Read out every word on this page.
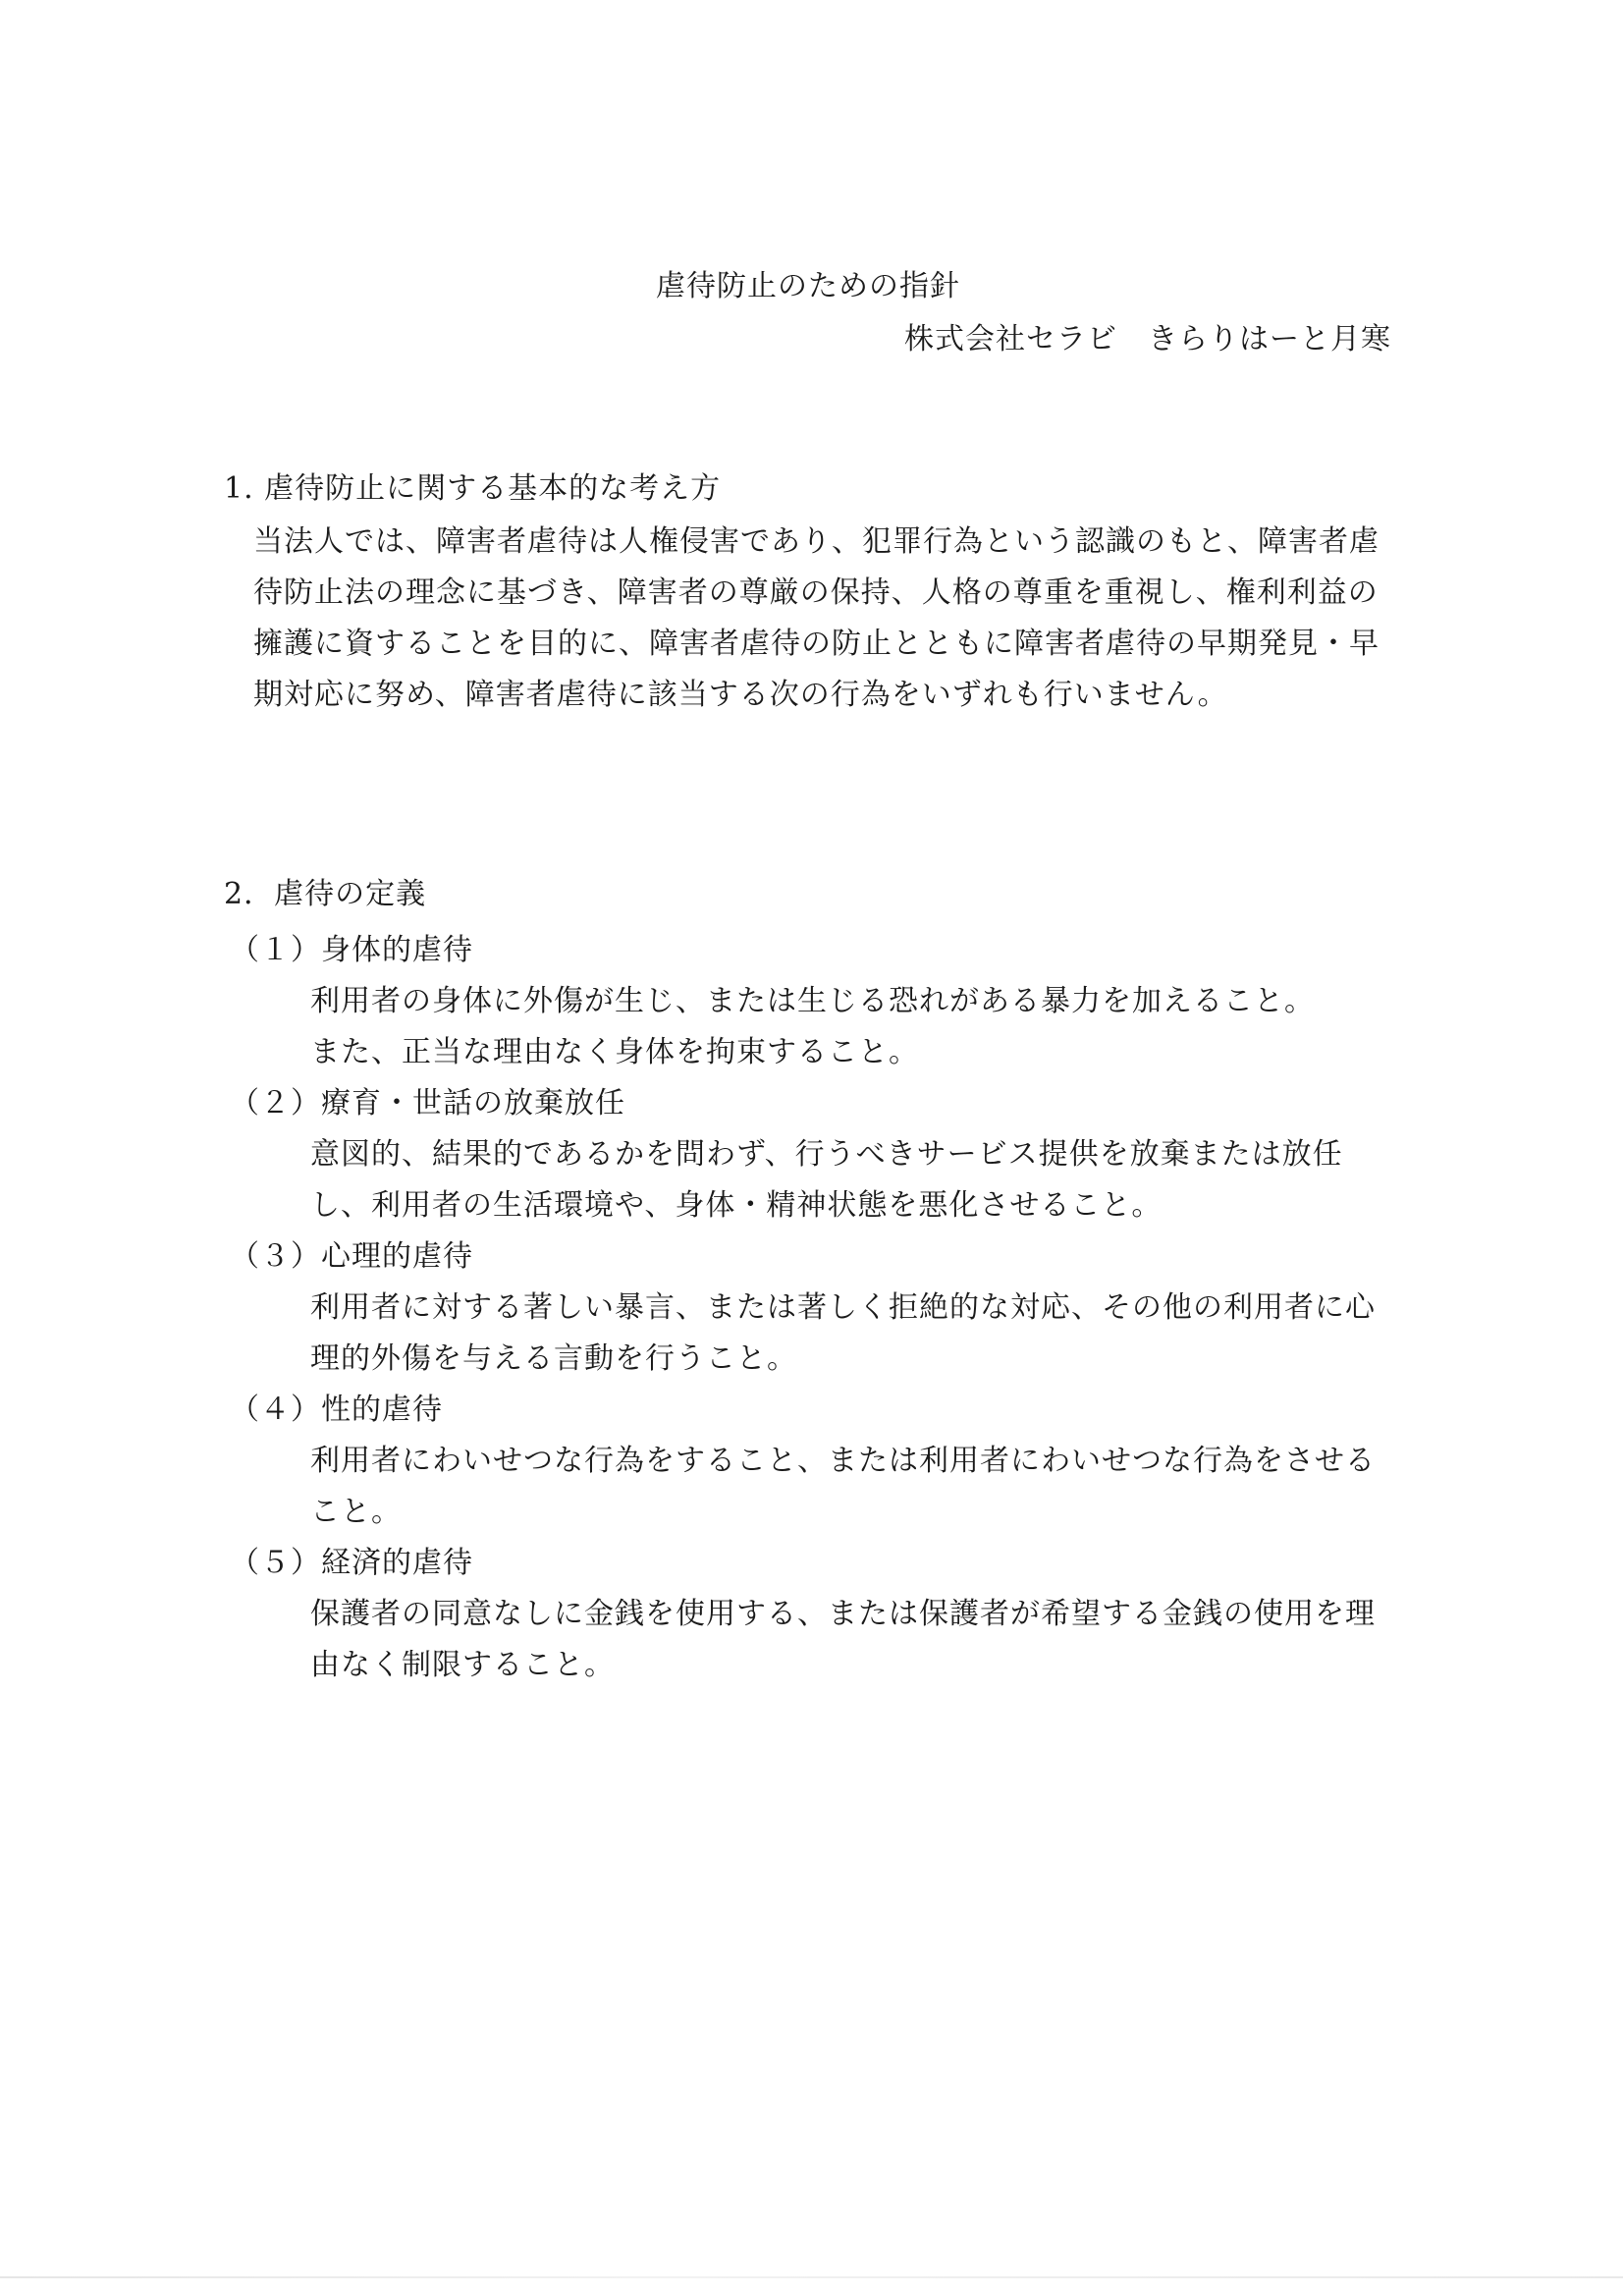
虐待防止のための指針
株式会社セラビ　きらりはーと月寒
1. 虐待防止に関する基本的な考え方
当法人では、障害者虐待は人権侵害であり、犯罪行為という認識のもと、障害者虐
待防止法の理念に基づき、障害者の尊厳の保持、人格の尊重を重視し、権利利益の
擁護に資することを目的に、障害者虐待の防止とともに障害者虐待の早期発見・早
期対応に努め、障害者虐待に該当する次の行為をいずれも行いません。
2．虐待の定義
（１）身体的虐待
利用者の身体に外傷が生じ、または生じる恐れがある暴力を加えること。
また、正当な理由なく身体を拘束すること。
（２）療育・世話の放棄放任
意図的、結果的であるかを問わず、行うべきサービス提供を放棄または放任
し、利用者の生活環境や、身体・精神状態を悪化させること。
（３）心理的虐待
利用者に対する著しい暴言、または著しく拒絶的な対応、その他の利用者に心
理的外傷を与える言動を行うこと。
（４）性的虐待
利用者にわいせつな行為をすること、または利用者にわいせつな行為をさせる
こと。
（５）経済的虐待
保護者の同意なしに金銭を使用する、または保護者が希望する金銭の使用を理
由なく制限すること。
